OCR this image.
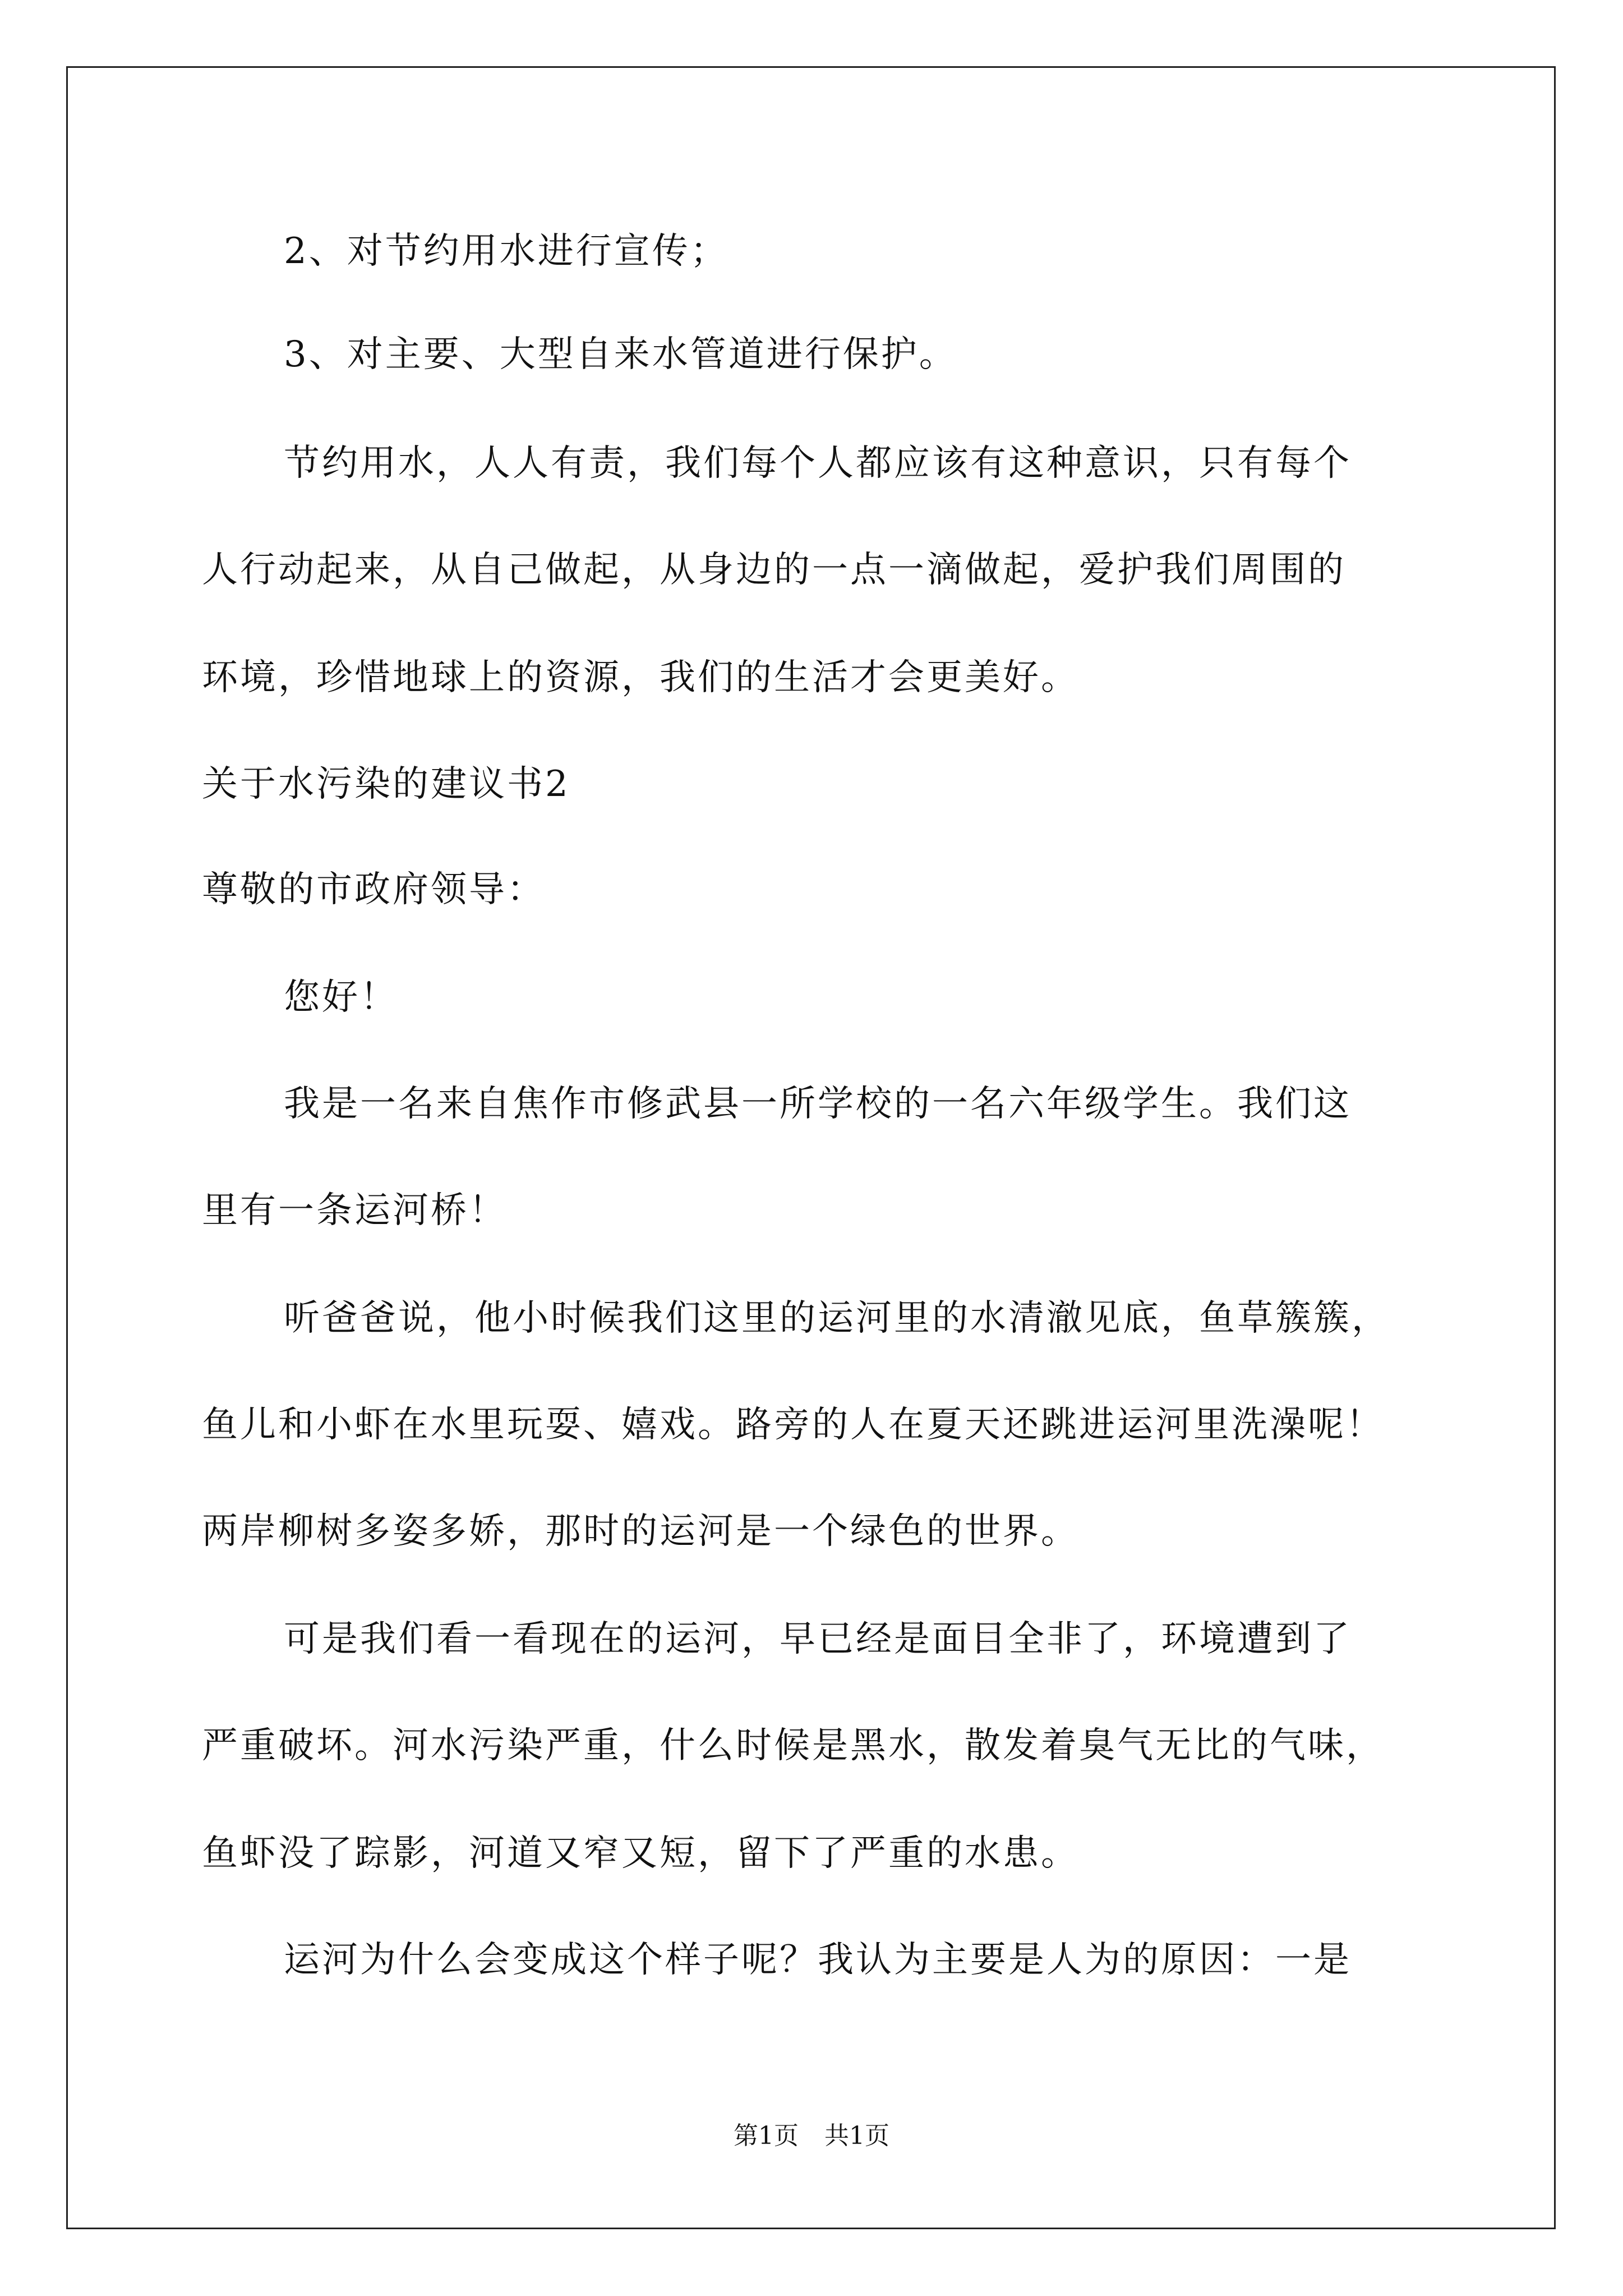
2、对节约用水进行宣传；
3、对主要、大型自来水管道进行保护。
节约用水，人人有责，我们每个人都应该有这种意识，只有每个
人行动起来，从自己做起，从身边的一点一滴做起，爱护我们周围的
环境，珍惜地球上的资源，我们的生活才会更美好。
关于水污染的建议书2
尊敬的市政府领导：
您好！
我是一名来自焦作市修武县一所学校的一名六年级学生。我们这
里有一条运河桥！
听爸爸说，他小时候我们这里的运河里的水清澈见底，鱼草簇簇，
鱼儿和小虾在水里玩耍、嬉戏。路旁的人在夏天还跳进运河里洗澡呢！
两岸柳树多姿多娇，那时的运河是一个绿色的世界。
可是我们看一看现在的运河，早已经是面目全非了，环境遭到了
严重破坏。河水污染严重，什么时候是黑水，散发着臭气无比的气味，
鱼虾没了踪影，河道又窄又短，留下了严重的水患。
运河为什么会变成这个样子呢？我认为主要是人为的原因：一是
第1页 共1页
